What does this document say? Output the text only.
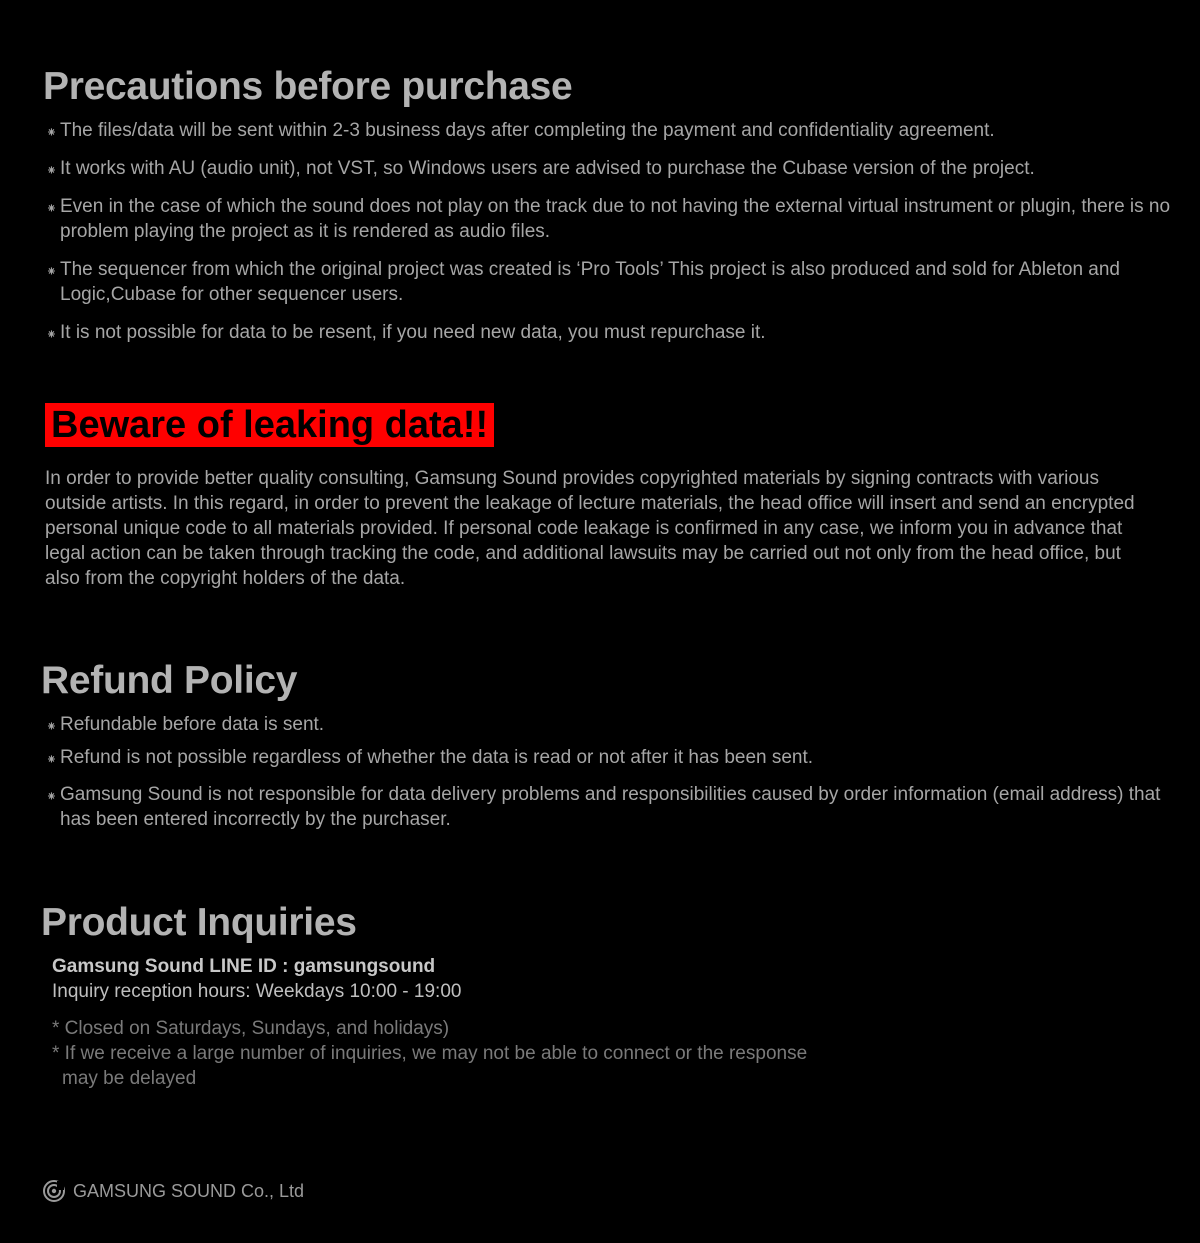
Precautions before purchase
⁕ The files/data will be sent within 2-3 business days after completing the payment and confidentiality agreement.
⁕ It works with AU (audio unit), not VST, so Windows users are advised to purchase the Cubase version of the project.
⁕ Even in the case of which the sound does not play on the track due to not having the external virtual instrument or plugin, there is no problem playing the project as it is rendered as audio files.
⁕ The sequencer from which the original project was created is ‘Pro Tools’ This project is also produced and sold for Ableton and Logic,Cubase for other sequencer users.
⁕ It is not possible for data to be resent, if you need new data, you must repurchase it.
Beware of leaking data!!

In order to provide better quality consulting, Gamsung Sound provides copyrighted materials by signing contracts with various outside artists. In this regard, in order to prevent the leakage of lecture materials, the head office will insert and send an encrypted personal unique code to all materials provided. If personal code leakage is confirmed in any case, we inform you in advance that legal action can be taken through tracking the code, and additional lawsuits may be carried out not only from the head office, but also from the copyright holders of the data.

Refund Policy
⁕ Refundable before data is sent.
⁕ Refund is not possible regardless of whether the data is read or not after it has been sent.
⁕ Gamsung Sound is not responsible for data delivery problems and responsibilities caused by order information (email address) that has been entered incorrectly by the purchaser.
Product Inquiries
Gamsung Sound LINE ID : gamsungsound
Inquiry reception hours: Weekdays 10:00 - 19:00
* Closed on Saturdays, Sundays, and holidays)
* If we receive a large number of inquiries, we may not be able to connect or the response may be delayed
GAMSUNG SOUND Co., Ltd
